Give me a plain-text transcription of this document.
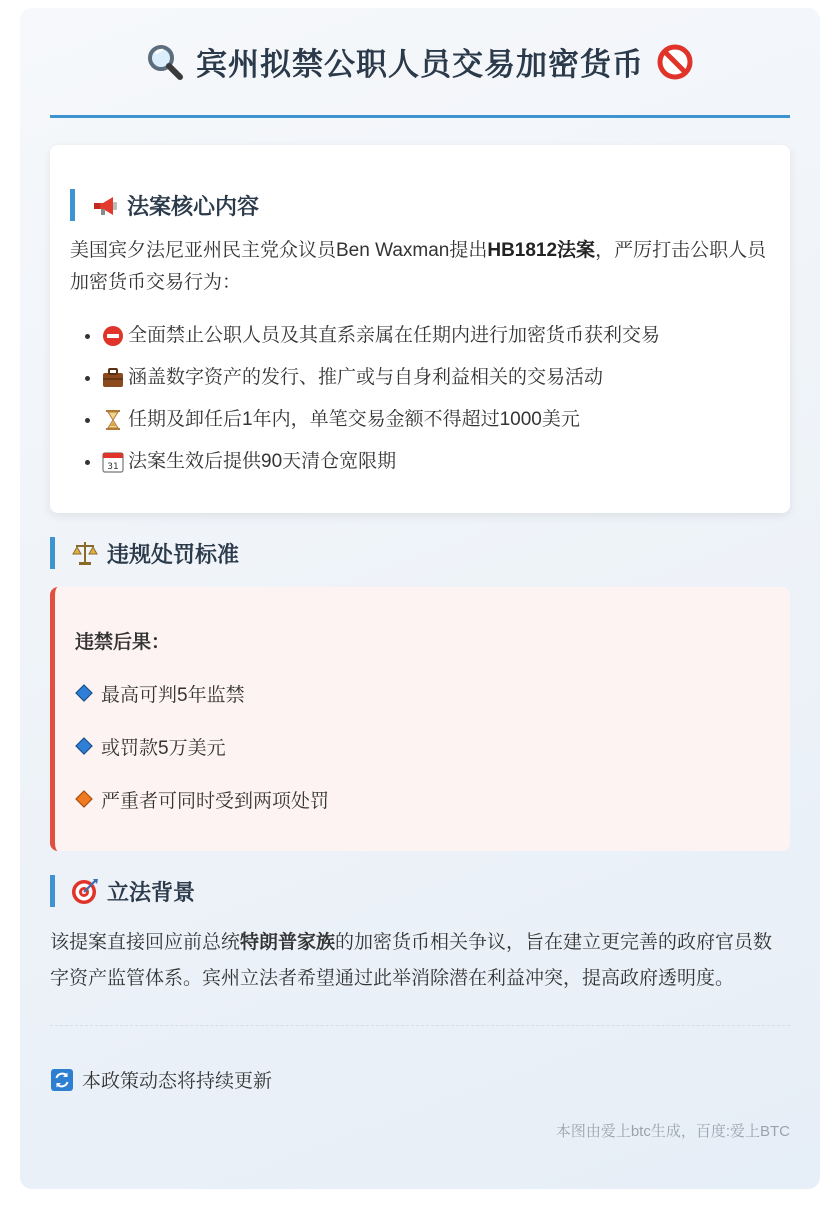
宾州拟禁公职人员交易加密货币
法案核心内容

美国宾夕法尼亚州民主党众议员Ben Waxman提出HB1812法案，严厉打击公职人员加密货币交易行为：

• 全面禁止公职人员及其直系亲属在任期内进行加密货币获利交易
• 涵盖数字资产的发行、推广或与自身利益相关的交易活动
• 任期及卸任后1年内，单笔交易金额不得超过1000美元
• 31 法案生效后提供90天清仓宽限期
违规处罚标准
违禁后果：
最高可判5年监禁
或罚款5万美元
严重者可同时受到两项处罚
立法背景

该提案直接回应前总统特朗普家族的加密货币相关争议，旨在建立更完善的政府官员数字资产监管体系。宾州立法者希望通过此举消除潜在利益冲突，提高政府透明度。

本政策动态将持续更新
本图由爱上btc生成，百度:爱上BTC
